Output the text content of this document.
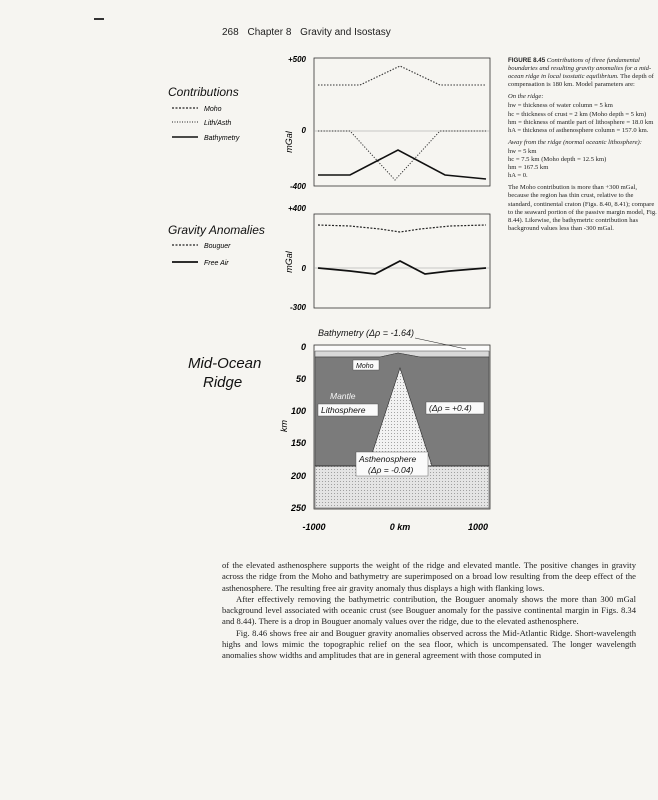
268 Chapter 8 Gravity and Isostasy
Contributions
Moho
Lith/Asth
Bathymetry
+500
0
-400
mGal
Gravity Anomalies
Bouguer
Free Air
+400
0
-300
mGal
Mid-Ocean
Ridge
Bathymetry (Δρ = -1.64)
Moho
Mantle
Lithosphere	(Δρ = +0.4)
Asthenosphere
(Δρ = -0.04)
km
0
50
100
150
200
250
-1000	0 km	1000

FIGURE 8.45 Contributions of three fundamental boundaries and resulting gravity anomalies for a mid-ocean ridge in local isostatic equilibrium. The depth of compensation is 180 km. Model parameters are:

On the ridge:

hw = thickness of water column = 5 km
hc = thickness of crust = 2 km (Moho depth = 5 km)
hm = thickness of mantle part of lithosphere = 18.0 km
hA = thickness of asthenosphere column = 157.0 km.

Away from the ridge (normal oceanic lithosphere):

hw = 5 km
hc = 7.5 km (Moho depth = 12.5 km)
hm = 167.5 km
hA = 0.

The Moho contribution is more than +300 mGal, because the region has thin crust, relative to the standard, continental craton (Figs. 8.40, 8.41); compare to the seaward portion of the passive margin model, Fig. 8.44). Likewise, the bathymetric contribution has background values less than -300 mGal.

of the elevated asthenosphere supports the weight of the ridge and elevated mantle. The positive changes in gravity across the ridge from the Moho and bathymetry are superimposed on a broad low resulting from the deep effect of the asthenosphere. The resulting free air gravity anomaly thus displays a high with flanking lows.

After effectively removing the bathymetric contribution, the Bouguer anomaly shows the more than 300 mGal background level associated with oceanic crust (see Bouguer anomaly for the passive continental margin in Figs. 8.34 and 8.44). There is a drop in Bouguer anomaly values over the ridge, due to the elevated asthenosphere.

Fig. 8.46 shows free air and Bouguer gravity anomalies observed across the Mid-Atlantic Ridge. Short-wavelength highs and lows mimic the topographic relief on the sea floor, which is uncompensated. The longer wavelength anomalies show widths and amplitudes that are in general agreement with those computed in
